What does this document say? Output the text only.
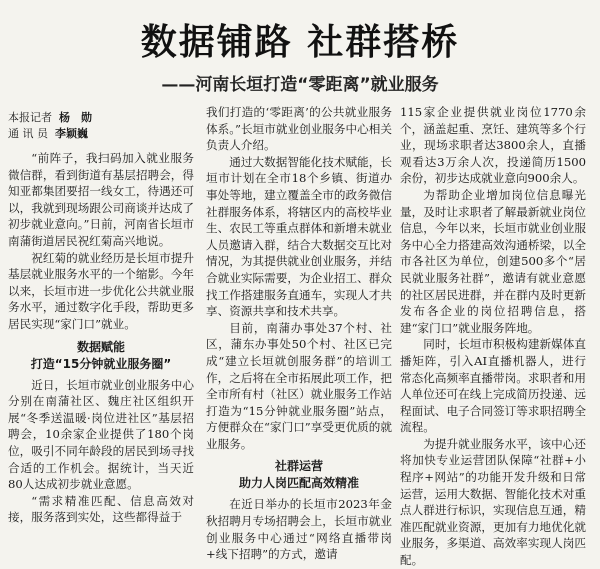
数据铺路 社群搭桥
——河南长垣打造“零距离”就业服务

本报记者 杨　勋

通 讯 员 李颖巍

“前阵子，我扫码加入就业服务微信群，看到街道有基层招聘会，得知亚都集团要招一线女工，待遇还可以，我就到现场跟公司商谈并达成了初步就业意向。”日前，河南省长垣市南蒲街道居民祝红菊高兴地说。

祝红菊的就业经历是长垣市提升基层就业服务水平的一个缩影。今年以来，长垣市进一步优化公共就业服务水平，通过数字化手段，帮助更多居民实现“家门口”就业。

数据赋能
打造“15分钟就业服务圈”

近日，长垣市就业创业服务中心分别在南蒲社区、魏庄社区组织开展“冬季送温暖·岗位进社区”基层招聘会，10余家企业提供了180个岗位，吸引不同年龄段的居民到场寻找合适的工作机会。据统计，当天近80人达成初步就业意愿。

“需求精准匹配、信息高效对接，服务落到实处，这些都得益于

我们打造的‘零距离’的公共就业服务体系。”长垣市就业创业服务中心相关负责人介绍。

通过大数据智能化技术赋能，长垣市计划在全市18个乡镇、街道办事处等地，建立覆盖全市的政务微信社群服务体系，将辖区内的高校毕业生、农民工等重点群体和新增未就业人员邀请入群，结合大数据交互比对情况，为其提供就业创业服务，并结合就业实际需要，为企业招工、群众找工作搭建服务直通车，实现人才共享、资源共享和技术共享。

目前，南蒲办事处37个村、社区，蒲东办事处50个村、社区已完成“建立长垣就创服务群”的培训工作，之后将在全市拓展此项工作，把全市所有村（社区）就业服务工作站打造为“15分钟就业服务圈”站点，方便群众在“家门口”享受更优质的就业服务。

社群运营
助力人岗匹配高效精准

在近日举办的长垣市2023年金秋招聘月专场招聘会上，长垣市就业创业服务中心通过“网络直播带岗+线下招聘”的方式，邀请

115家企业提供就业岗位1770余个，涵盖起重、烹饪、建筑等多个行业，现场求职者达3800余人，直播观看达3万余人次，投递简历1500余份，初步达成就业意向900余人。

为帮助企业增加岗位信息曝光量，及时让求职者了解最新就业岗位信息，今年以来，长垣市就业创业服务中心全力搭建高效沟通桥梁，以全市各社区为单位，创建500多个“居民就业服务社群”，邀请有就业意愿的社区居民进群，并在群内及时更新发布各企业的岗位招聘信息，搭建“家门口”就业服务阵地。

同时，长垣市积极构建新媒体直播矩阵，引入AI直播机器人，进行常态化高频率直播带岗。求职者和用人单位还可在线上完成简历投递、远程面试、电子合同签订等求职招聘全流程。

为提升就业服务水平，该中心还将加快专业运营团队保障“社群+小程序+网站”的功能开发升级和日常运营，运用大数据、智能化技术对重点人群进行标识，实现信息互通，精准匹配就业资源，更加有力地优化就业服务，多渠道、高效率实现人岗匹配。
